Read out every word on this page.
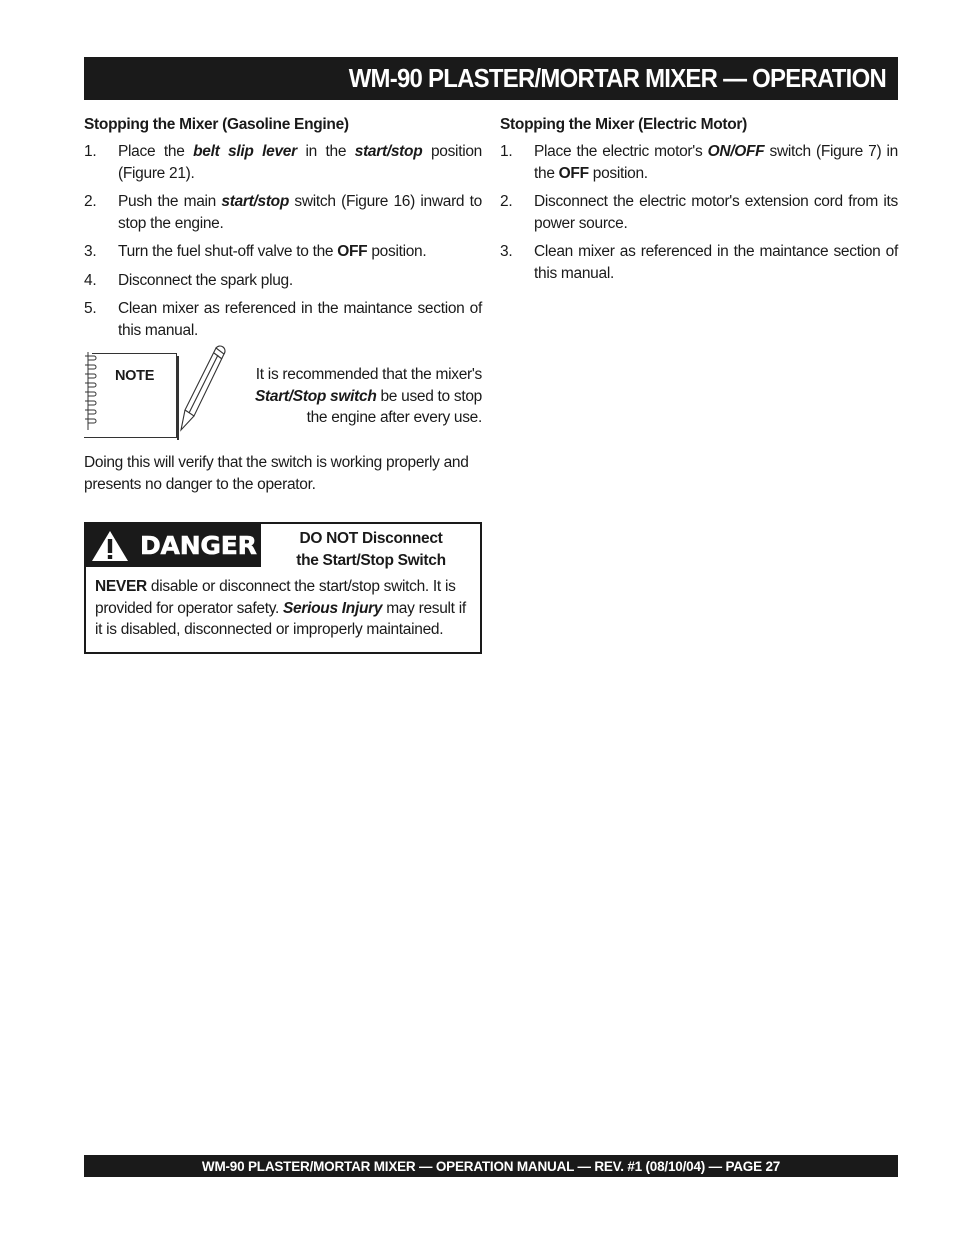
WM-90 PLASTER/MORTAR MIXER — OPERATION
Stopping the Mixer (Gasoline Engine)
1. Place the belt slip lever in the start/stop position (Figure 21).
2. Push the main start/stop switch (Figure 16) inward to stop the engine.
3. Turn the fuel shut-off valve to the OFF position.
4. Disconnect the spark plug.
5. Clean mixer as referenced in the maintance section of this manual.
NOTE	It is recommended that the mixer's Start/Stop switch be used to stop the engine after every use.

Doing this will verify that the switch is working properly and presents no danger to the operator.

DANGER	DO NOT Disconnect
the Start/Stop Switch
NEVER disable or disconnect the start/stop switch. It is provided for operator safety. Serious Injury may result if it is disabled, disconnected or improperly maintained.
Stopping the Mixer (Electric Motor)
1. Place the electric motor's ON/OFF switch (Figure 7) in the OFF position.
2. Disconnect the electric motor's extension cord from its power source.
3. Clean mixer as referenced in the maintance section of this manual.
WM-90 PLASTER/MORTAR MIXER — OPERATION MANUAL — REV. #1 (08/10/04) — PAGE 27
